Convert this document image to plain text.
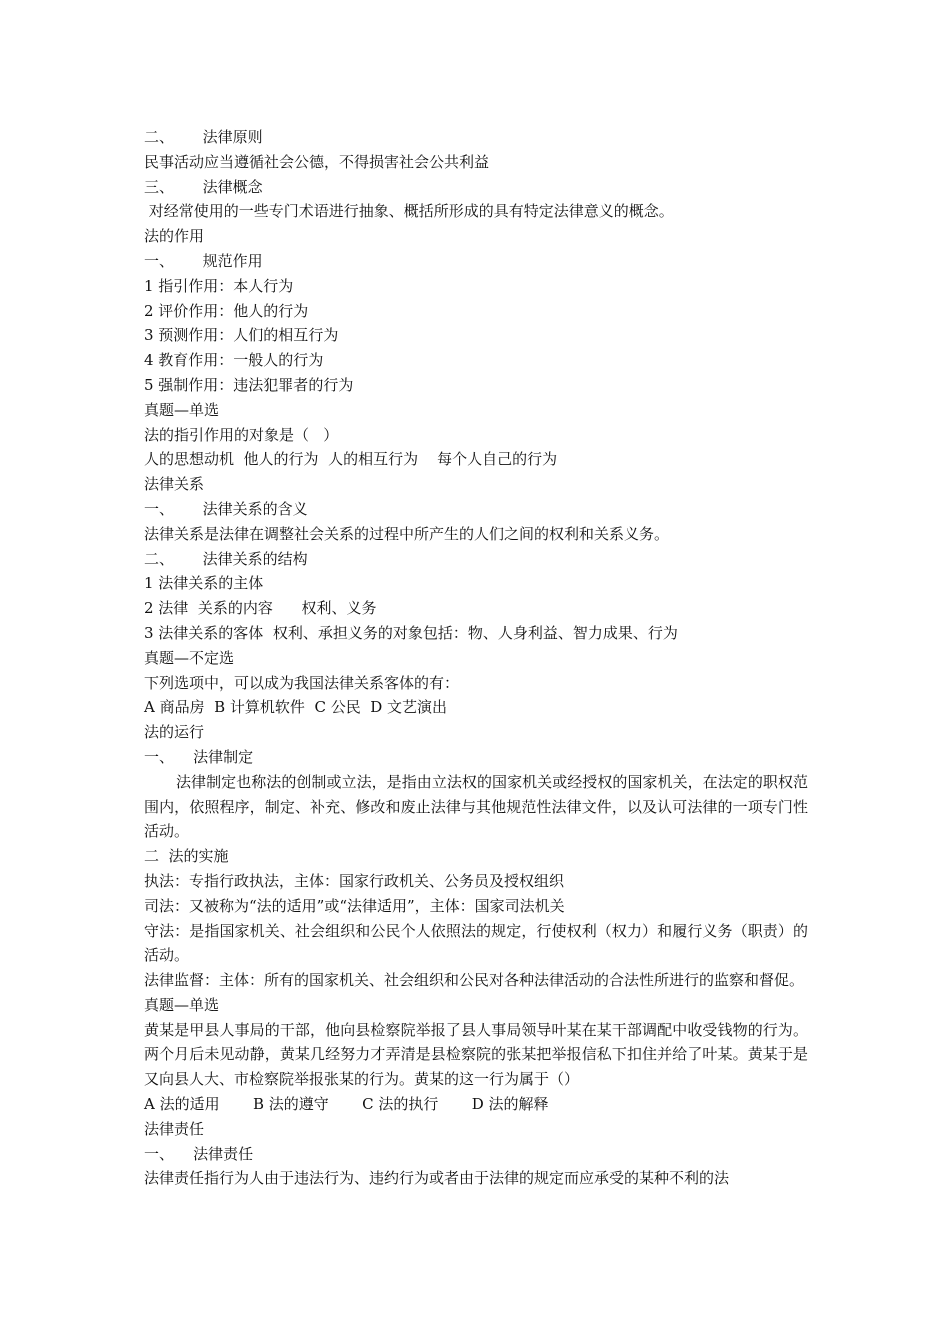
二、      法律原则
民事活动应当遵循社会公德，不得损害社会公共利益
三、      法律概念
对经常使用的一些专门术语进行抽象、概括所形成的具有特定法律意义的概念。
法的作用
一、      规范作用
1 指引作用：本人行为
2 评价作用：他人的行为
3 预测作用：人们的相互行为
4 教育作用：一般人的行为
5 强制作用：违法犯罪者的行为
真题—单选
法的指引作用的对象是（   ）
人的思想动机  他人的行为  人的相互行为    每个人自己的行为
法律关系
一、      法律关系的含义
法律关系是法律在调整社会关系的过程中所产生的人们之间的权利和关系义务。
二、      法律关系的结构
1 法律关系的主体
2 法律  关系的内容      权利、义务
3 法律关系的客体  权利、承担义务的对象包括：物、人身利益、智力成果、行为
真题—不定选
下列选项中，可以成为我国法律关系客体的有：
A 商品房  B 计算机软件  C 公民  D 文艺演出
法的运行
一、    法律制定
法律制定也称法的创制或立法，是指由立法权的国家机关或经授权的国家机关，在法定的职权范围内，依照程序，制定、补充、修改和废止法律与其他规范性法律文件，以及认可法律的一项专门性活动。
二  法的实施
执法：专指行政执法，主体：国家行政机关、公务员及授权组织
司法：又被称为“法的适用”或“法律适用”，主体：国家司法机关
守法：是指国家机关、社会组织和公民个人依照法的规定，行使权利（权力）和履行义务（职责）的活动。
法律监督：主体：所有的国家机关、社会组织和公民对各种法律活动的合法性所进行的监察和督促。
真题—单选
黄某是甲县人事局的干部，他向县检察院举报了县人事局领导叶某在某干部调配中收受钱物的行为。两个月后未见动静，黄某几经努力才弄清是县检察院的张某把举报信私下扣住并给了叶某。黄某于是又向县人大、市检察院举报张某的行为。黄某的这一行为属于（）
A 法的适用       B 法的遵守       C 法的执行       D 法的解释
法律责任
一、    法律责任
法律责任指行为人由于违法行为、违约行为或者由于法律的规定而应承受的某种不利的法
